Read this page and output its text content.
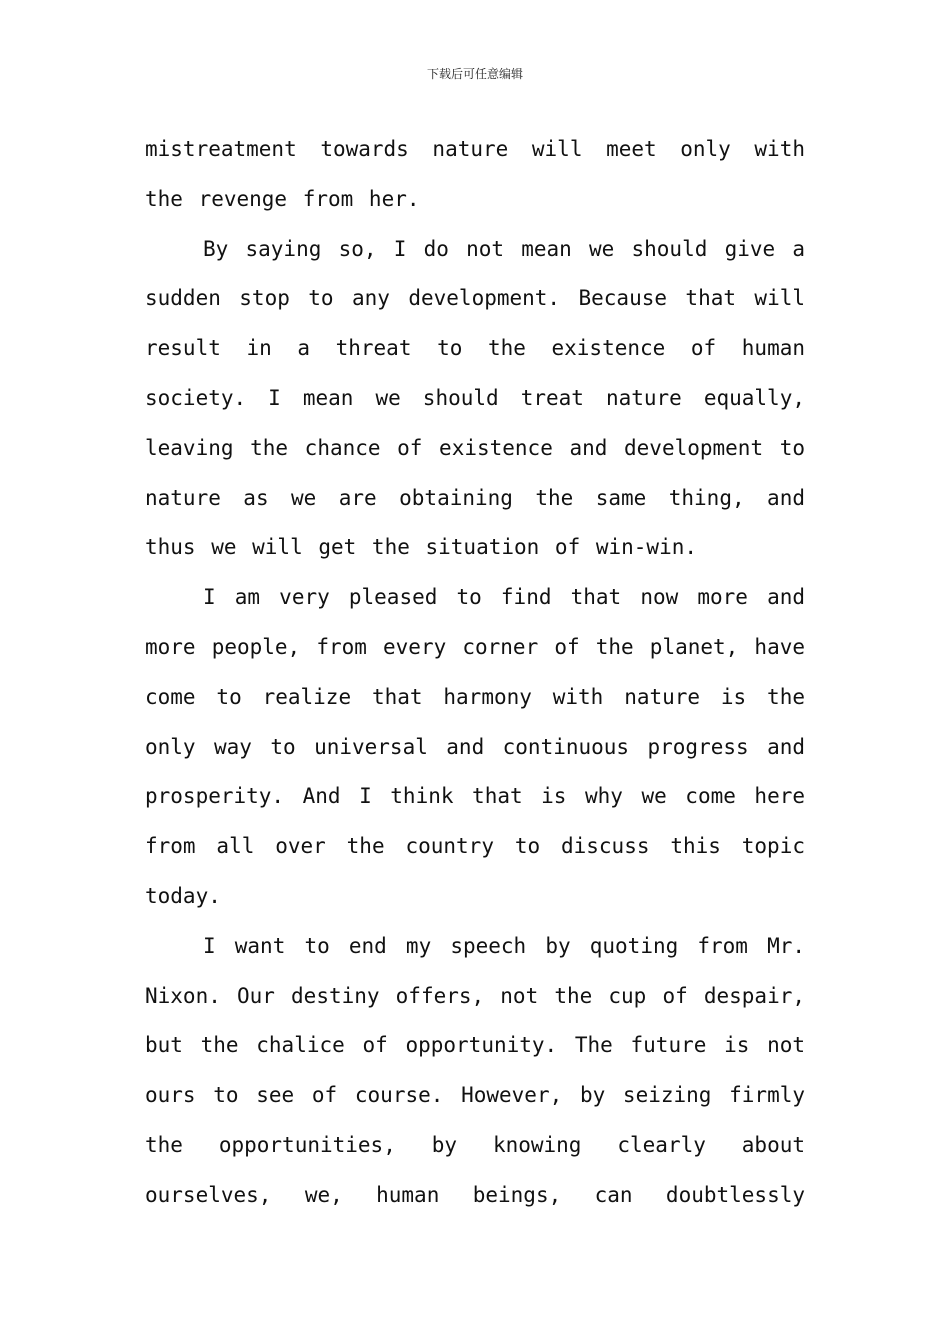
下载后可任意编辑

mistreatment towards nature will meet only with the revenge from her.

By saying so, I do not mean we should give a sudden stop to any development. Because that will result in a threat to the existence of human society. I mean we should treat nature equally, leaving the chance of existence and development to nature as we are obtaining the same thing, and thus we will get the situation of win-win.

I am very pleased to find that now more and more people, from every corner of the planet, have come to realize that harmony with nature is the only way to universal and continuous progress and prosperity. And I think that is why we come here from all over the country to discuss this topic today.

I want to end my speech by quoting from Mr. Nixon. Our destiny offers, not the cup of despair, but the chalice of opportunity. The future is not ours to see of course. However, by seizing firmly the opportunities, by knowing clearly about ourselves, we, human beings, can doubtlessly
